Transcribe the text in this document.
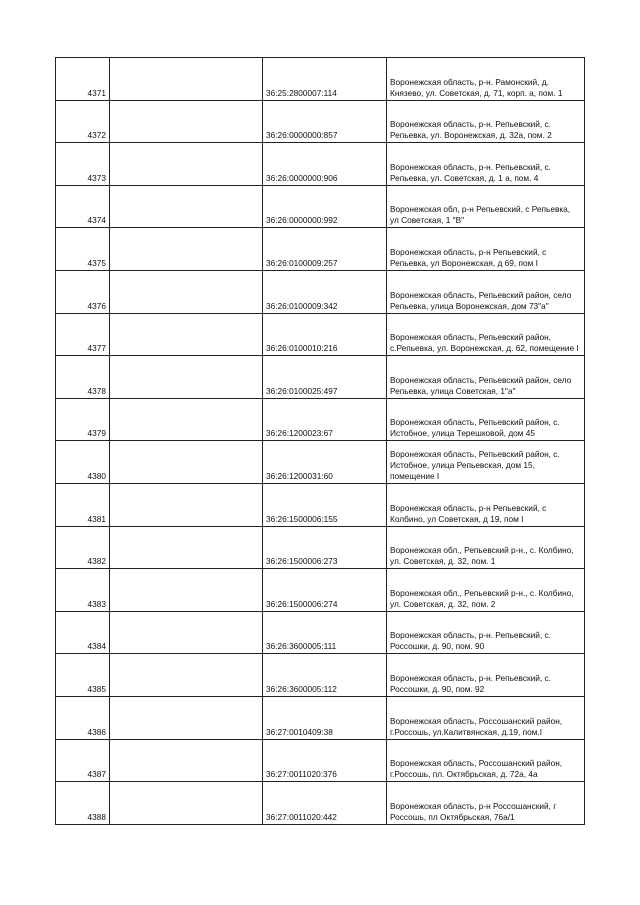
4371		36:25:2800007:114	Воронежская область, р-н. Рамонский, д. Князево, ул. Советская, д. 71, корп. а, пом. 1
4372		36:26:0000000:857	Воронежская область, р-н. Репьевский, с. Репьевка, ул. Воронежская, д. 32а, пом. 2
4373		36:26:0000000:906	Воронежская область, р-н. Репьевский, с. Репьевка, ул. Советская, д. 1 а, пом. 4
4374		36:26:0000000:992	Воронежская обл, р-н Репьевский, с Репьевка, ул Советская, 1 "В"
4375		36:26:0100009:257	Воронежская область, р-н Репьевский, с Репьевка, ул Воронежская, д 69, пом I
4376		36:26:0100009:342	Воронежская область, Репьевский район, село Репьевка, улица Воронежская, дом 73"а"
4377		36:26:0100010:216	Воронежская область, Репьевский район, с.Репьевка, ул. Воронежская, д. 62, помещение I
4378		36:26:0100025:497	Воронежская область, Репьевский район, село Репьевка, улица Советская, 1"а"
4379		36:26:1200023:67	Воронежская область, Репьевский район, с. Истобное, улица Терешковой, дом 45
4380		36:26:1200031:60	Воронежская область, Репьевский район, с. Истобное, улица Репьевская, дом 15, помещение I
4381		36:26:1500006:155	Воронежская область, р-н Репьевский, с Колбино, ул Советская, д 19, пом I
4382		36:26:1500006:273	Воронежская обл., Репьевский р-н., с. Колбино, ул. Советская, д. 32, пом. 1
4383		36:26:1500006:274	Воронежская обл., Репьевский р-н., с. Колбино, ул. Советская, д. 32, пом. 2
4384		36:26:3600005:111	Воронежская область, р-н. Репьевский, с. Россошки, д. 90, пом. 90
4385		36:26:3600005:112	Воронежская область, р-н. Репьевский, с. Россошки, д. 90, пом. 92
4386		36:27:0010409:38	Воронежская область, Россошанский район, г.Россошь, ул.Калитвянская, д.19, пом.I
4387		36:27:0011020:376	Воронежская область, Россошанский район, г.Россошь, пл. Октябрьская, д. 72а, 4а
4388		36:27:0011020:442	Воронежская область, р-н Россошанский, г Россошь, пл Октябрьская, 76а/1
